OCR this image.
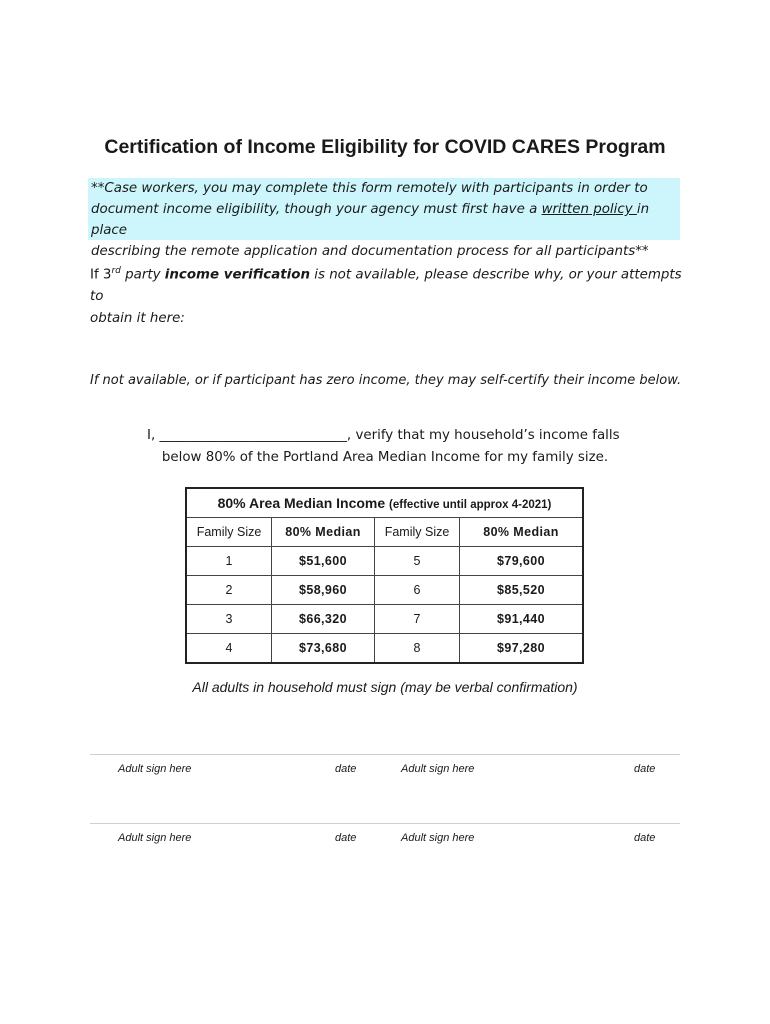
Certification of Income Eligibility for COVID CARES Program
**Case workers, you may complete this form remotely with participants in order to
document income eligibility, though your agency must first have a written policy in place
describing the remote application and documentation process for all participants**
If 3rd party income verification is not available, please describe why, or your attempts to
obtain it here:
If not available, or if participant has zero income, they may self-certify their income below.
I, ____________________________, verify that my household’s income falls
below 80% of the Portland Area Median Income for my family size.
80% Area Median Income (effective until approx 4-2021)			
Family Size	80% Median	Family Size	80% Median
1	$51,600	5	$79,600
2	$58,960	6	$85,520
3	$66,320	7	$91,440
4	$73,680	8	$97,280
All adults in household must sign (may be verbal confirmation)
Adult sign here	date	Adult sign here	date
Adult sign here	date	Adult sign here	date
